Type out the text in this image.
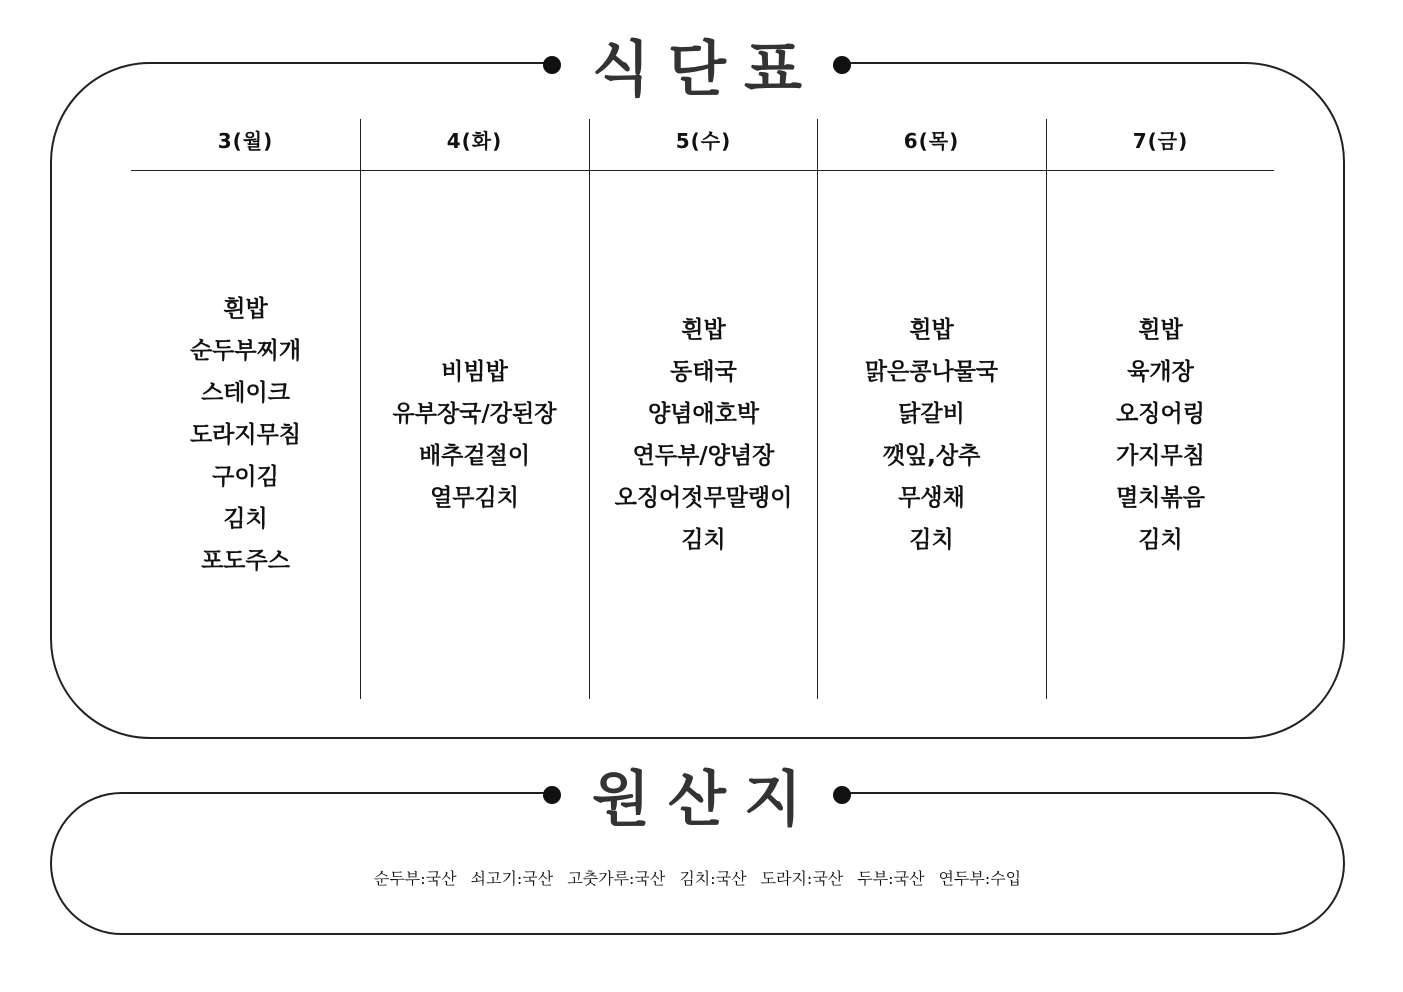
식단표
3(월)
흰밥
순두부찌개
스테이크
도라지무침
구이김
김치
포도주스
4(화)
비빔밥
유부장국/강된장
배추겉절이
열무김치
5(수)
흰밥
동태국
양념애호박
연두부/양념장
오징어젓무말랭이
김치
6(목)
흰밥
맑은콩나물국
닭갈비
깻잎,상추
무생채
김치
7(금)
흰밥
육개장
오징어링
가지무침
멸치볶음
김치
원산지
순두부:국산 쇠고기:국산 고춧가루:국산 김치:국산 도라지:국산 두부:국산 연두부:수입
